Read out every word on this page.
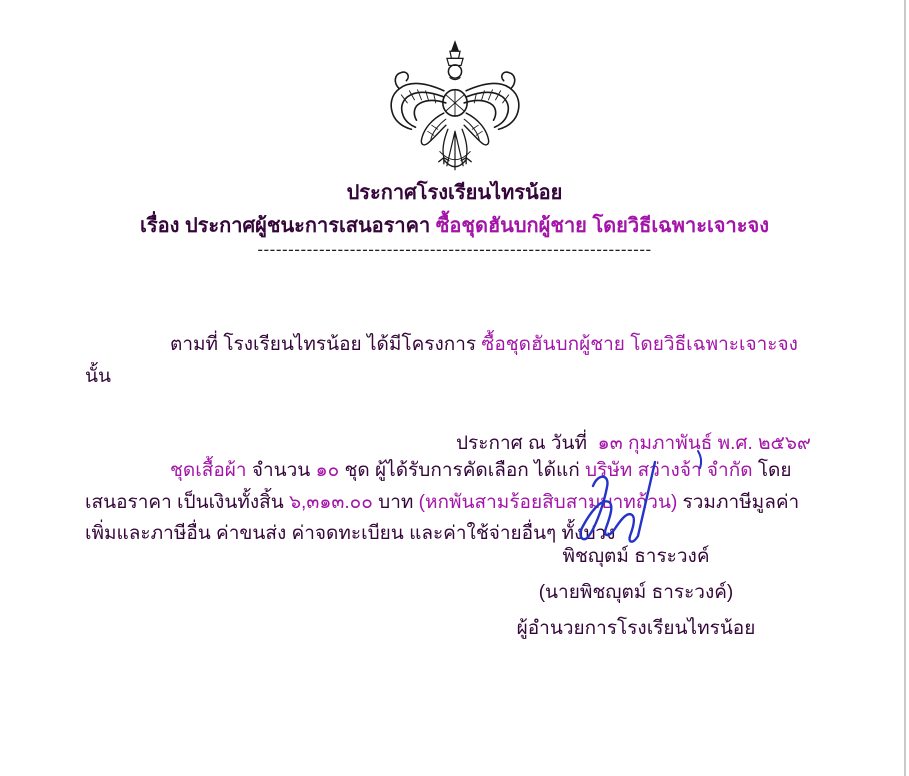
ประกาศโรงเรียนไทรน้อย
เรื่อง ประกาศผู้ชนะการเสนอราคา ซื้อชุดฮันบกผู้ชาย โดยวิธีเฉพาะเจาะจง
----------------------------------------------------------------

ตามที่ โรงเรียนไทรน้อย ได้มีโครงการ ซื้อชุดฮันบกผู้ชาย โดยวิธีเฉพาะเจาะจง  นั้น

ชุดเสื้อผ้า จำนวน ๑๐ ชุด ผู้ได้รับการคัดเลือก ได้แก่ บริษัท สว่างจ้า จำกัด โดยเสนอราคา เป็นเงินทั้งสิ้น ๖,๓๑๓.๐๐ บาท (หกพันสามร้อยสิบสามบาทถ้วน) รวมภาษีมูลค่าเพิ่มและภาษีอื่น ค่าขนส่ง ค่าจดทะเบียน และค่าใช้จ่ายอื่นๆ ทั้งปวง

ประกาศ ณ วันที่  ๑๓ กุมภาพันธ์ พ.ศ. ๒๕๖๙
พิชญุตม์ ธาระวงค์
(นายพิชญุตม์ ธาระวงค์)
ผู้อำนวยการโรงเรียนไทรน้อย
